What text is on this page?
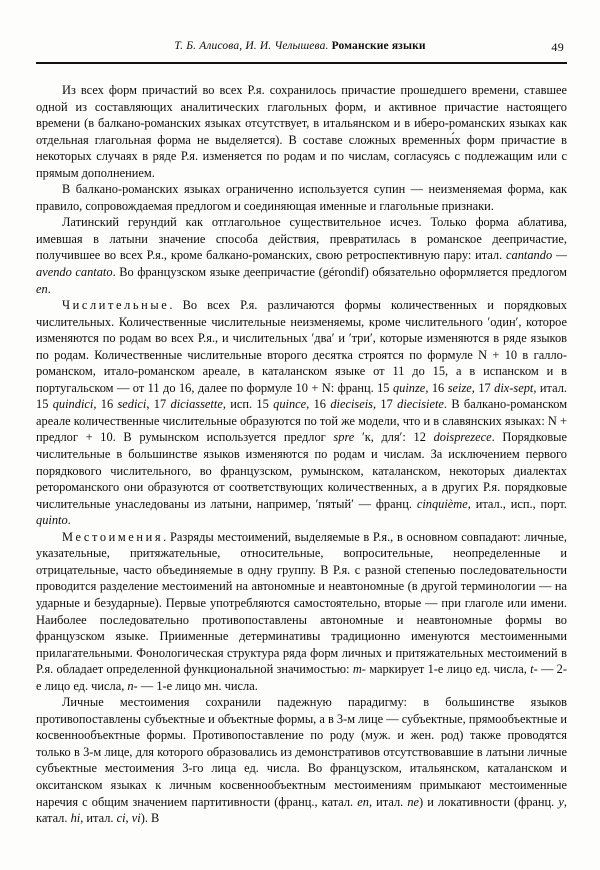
Т. Б. Алисова, И. И. Челышева. Романские языки	49

Из всех форм причастий во всех Р.я. сохранилось причастие прошедшего времени, ставшее одной из составляющих аналитических глагольных форм, и активное причастие настоящего времени (в балкано-романских языках отсутствует, в итальянском и в иберо-романских языках как отдельная глагольная форма не выделяется). В составе сложных временны́х форм причастие в некоторых случаях в ряде Р.я. изменяется по родам и по числам, согласуясь с подлежащим или с прямым дополнением.

В балкано-романских языках ограниченно используется супин — неизменяемая форма, как правило, сопровождаемая предлогом и соединяющая именные и глагольные признаки.

Латинский герундий как отглагольное существительное исчез. Только форма аблатива, имевшая в латыни значение способа действия, превратилась в романское деепричастие, получившее во всех Р.я., кроме балкано-романских, свою ретроспективную пару: итал. cantando — avendo cantato. Во французском языке деепричастие (gérondif) обязательно оформляется предлогом en.

Числительные. Во всех Р.я. различаются формы количественных и порядковых числительных. Количественные числительные неизменяемы, кроме числительного ′один′, которое изменяются по родам во всех Р.я., и числительных ′два′ и ′три′, которые изменяются в ряде языков по родам. Количественные числительные второго десятка строятся по формуле N + 10 в галло-романском, итало-романском ареале, в каталанском языке от 11 до 15, а в испанском и в португальском — от 11 до 16, далее по формуле 10 + N: франц. 15 quinze, 16 seize, 17 dix-sept, итал. 15 quindici, 16 sedici, 17 diciassette, исп. 15 quince, 16 dieciseis, 17 diecisiete. В балкано-романском ареале количественные числительные образуются по той же модели, что и в славянских языках: N + предлог + 10. В румынском используется предлог spre ′к, для′: 12 doisprezece. Порядковые числительные в большинстве языков изменяются по родам и числам. За исключением первого порядкового числительного, во французском, румынском, каталанском, некоторых диалектах ретороманского они образуются от соответствующих количественных, а в других Р.я. порядковые числительные унаследованы из латыни, например, ′пятый′ — франц. cinquième, итал., исп., порт. quinto.

Местоимения. Разряды местоимений, выделяемые в Р.я., в основном совпадают: личные, указательные, притяжательные, относительные, вопросительные, неопределенные и отрицательные, часто объединяемые в одну группу. В Р.я. с разной степенью последовательности проводится разделение местоимений на автономные и неавтономные (в другой терминологии — на ударные и безударные). Первые употребляются самостоятельно, вторые — при глаголе или имени. Наиболее последовательно противопоставлены автономные и неавтономные формы во французском языке. Приименные детерминативы традиционно именуются местоименными прилагательными. Фонологическая структура ряда форм личных и притяжательных местоимений в Р.я. обладает определенной функциональной значимостью: m- маркирует 1-е лицо ед. числа, t- — 2-е лицо ед. числа, n- — 1-е лицо мн. числа.

Личные местоимения сохранили падежную парадигму: в большинстве языков противопоставлены субъектные и объектные формы, а в 3-м лице — субъектные, прямообъектные и косвеннообъектные формы. Противопоставление по роду (муж. и жен. род) также проводятся только в 3-м лице, для которого образовались из демонстративов отсутствовавшие в латыни личные субъектные местоимения 3-го лица ед. числа. Во французском, итальянском, каталанском и окситанском языках к личным косвеннообъектным местоимениям примыкают местоименные наречия с общим значением партитивности (франц., катал. en, итал. ne) и локативности (франц. y, катал. hi, итал. ci, vi). В
